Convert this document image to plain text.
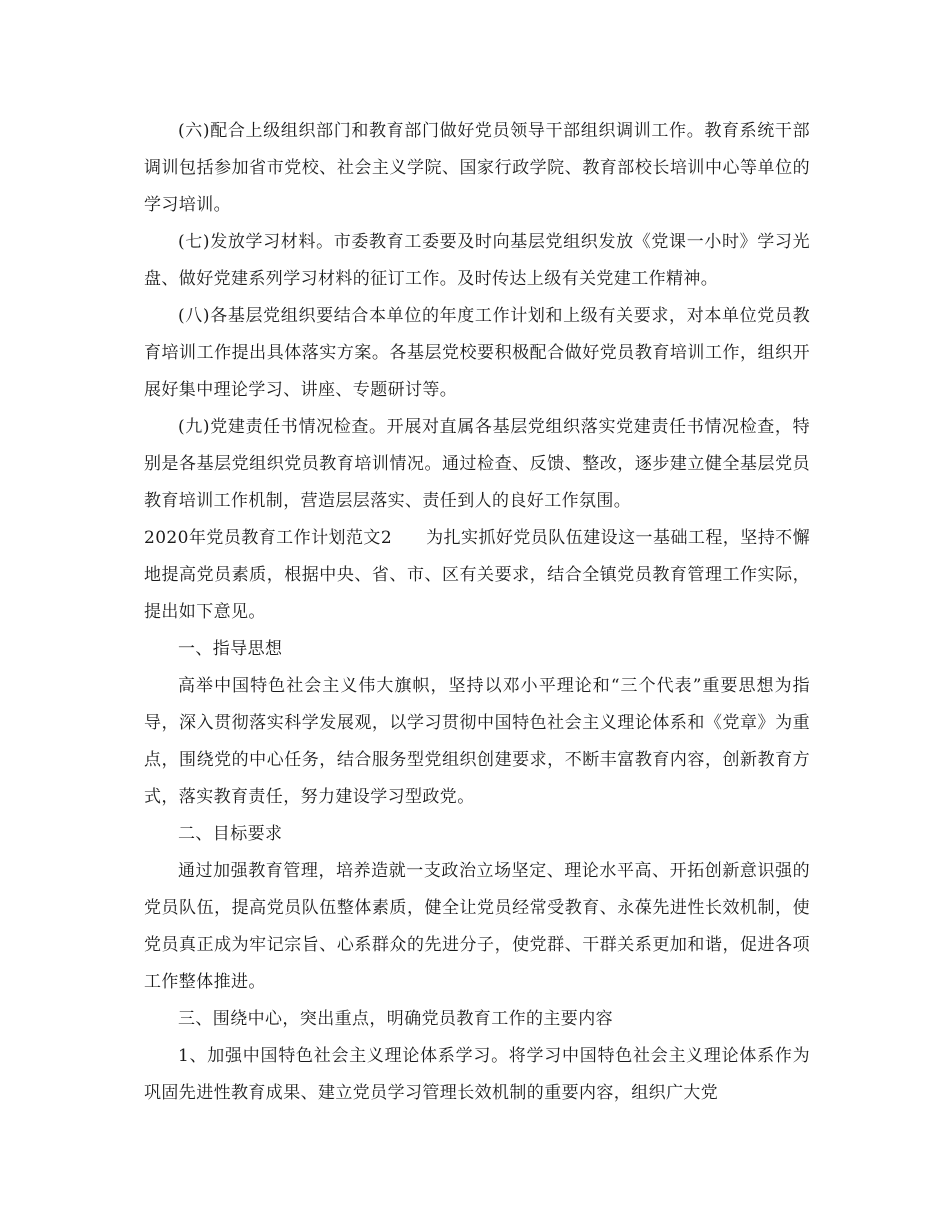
(六)配合上级组织部门和教育部门做好党员领导干部组织调训工作。教育系统干部调训包括参加省市党校、社会主义学院、国家行政学院、教育部校长培训中心等单位的学习培训。

(七)发放学习材料。市委教育工委要及时向基层党组织发放《党课一小时》学习光盘、做好党建系列学习材料的征订工作。及时传达上级有关党建工作精神。

(八)各基层党组织要结合本单位的年度工作计划和上级有关要求，对本单位党员教育培训工作提出具体落实方案。各基层党校要积极配合做好党员教育培训工作，组织开展好集中理论学习、讲座、专题研讨等。

(九)党建责任书情况检查。开展对直属各基层党组织落实党建责任书情况检查，特别是各基层党组织党员教育培训情况。通过检查、反馈、整改，逐步建立健全基层党员教育培训工作机制，营造层层落实、责任到人的良好工作氛围。

2020年党员教育工作计划范文2 为扎实抓好党员队伍建设这一基础工程，坚持不懈地提高党员素质，根据中央、省、市、区有关要求，结合全镇党员教育管理工作实际，提出如下意见。

一、指导思想

高举中国特色社会主义伟大旗帜，坚持以邓小平理论和“三个代表”重要思想为指导，深入贯彻落实科学发展观，以学习贯彻中国特色社会主义理论体系和《党章》为重点，围绕党的中心任务，结合服务型党组织创建要求，不断丰富教育内容，创新教育方式，落实教育责任，努力建设学习型政党。

二、目标要求

通过加强教育管理，培养造就一支政治立场坚定、理论水平高、开拓创新意识强的党员队伍，提高党员队伍整体素质，健全让党员经常受教育、永葆先进性长效机制，使党员真正成为牢记宗旨、心系群众的先进分子，使党群、干群关系更加和谐，促进各项工作整体推进。

三、围绕中心，突出重点，明确党员教育工作的主要内容

1、加强中国特色社会主义理论体系学习。将学习中国特色社会主义理论体系作为巩固先进性教育成果、建立党员学习管理长效机制的重要内容，组织广大党
